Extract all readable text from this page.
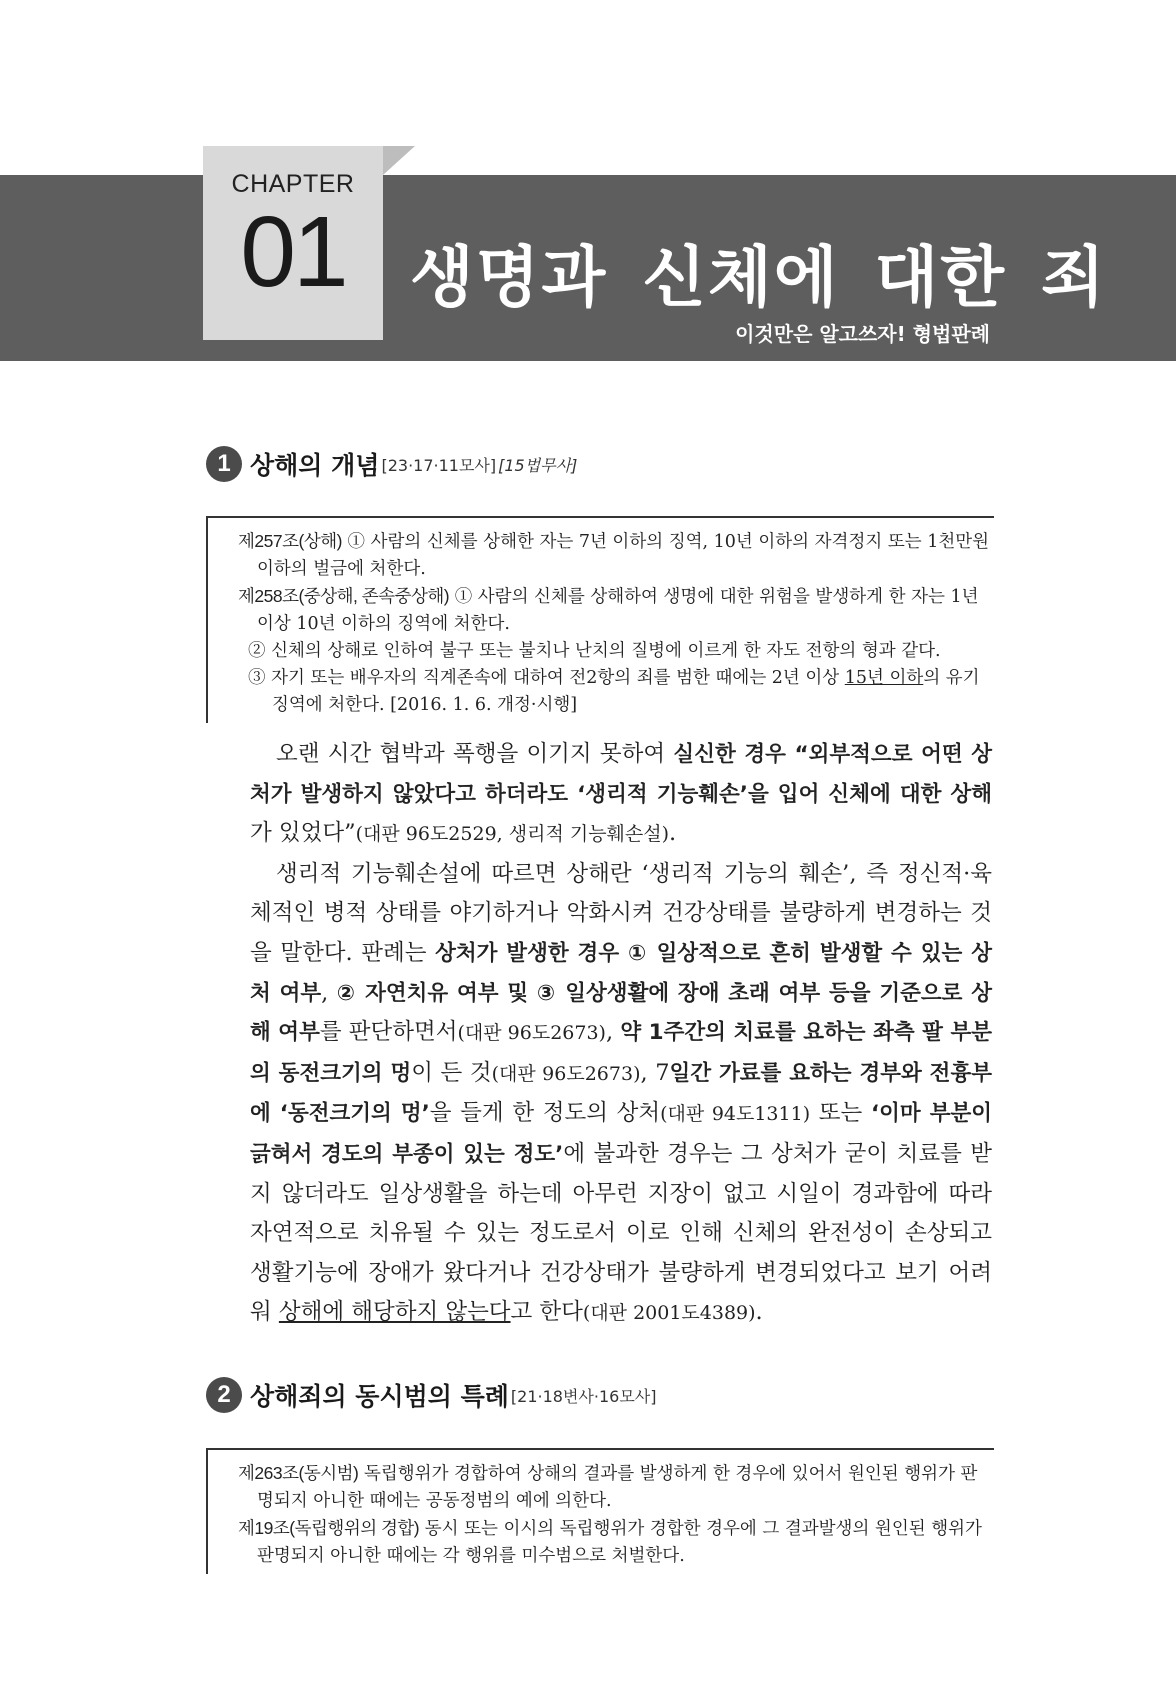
CHAPTER
01 생명과 신체에 대한 죄
이것만은 알고쓰자! 형법판례
1 상해의 개념 [23·17·11모사] [15법무사]

제257조(상해) ① 사람의 신체를 상해한 자는 7년 이하의 징역, 10년 이하의 자격정지 또는 1천만원 이하의 벌금에 처한다.

제258조(중상해, 존속중상해) ① 사람의 신체를 상해하여 생명에 대한 위험을 발생하게 한 자는 1년 이상 10년 이하의 징역에 처한다.

② 신체의 상해로 인하여 불구 또는 불치나 난치의 질병에 이르게 한 자도 전항의 형과 같다.

③ 자기 또는 배우자의 직계존속에 대하여 전2항의 죄를 범한 때에는 2년 이상 15년 이하의 유기징역에 처한다. [2016. 1. 6. 개정·시행]

오랜 시간 협박과 폭행을 이기지 못하여 실신한 경우 “외부적으로 어떤 상처가 발생하지 않았다고 하더라도 ‘생리적 기능훼손’을 입어 신체에 대한 상해가 있었다”(대판 96도2529, 생리적 기능훼손설).

생리적 기능훼손설에 따르면 상해란 ‘생리적 기능의 훼손’, 즉 정신적·육체적인 병적 상태를 야기하거나 악화시켜 건강상태를 불량하게 변경하는 것을 말한다. 판례는 상처가 발생한 경우 ① 일상적으로 흔히 발생할 수 있는 상처 여부, ② 자연치유 여부 및 ③ 일상생활에 장애 초래 여부 등을 기준으로 상해 여부를 판단하면서(대판 96도2673), 약 1주간의 치료를 요하는 좌측 팔 부분의 동전크기의 멍이 든 것(대판 96도2673), 7일간 가료를 요하는 경부와 전흉부에 ‘동전크기의 멍’을 들게 한 정도의 상처(대판 94도1311) 또는 ‘이마 부분이 긁혀서 경도의 부종이 있는 정도’에 불과한 경우는 그 상처가 굳이 치료를 받지 않더라도 일상생활을 하는데 아무런 지장이 없고 시일이 경과함에 따라 자연적으로 치유될 수 있는 정도로서 이로 인해 신체의 완전성이 손상되고 생활기능에 장애가 왔다거나 건강상태가 불량하게 변경되었다고 보기 어려워 상해에 해당하지 않는다고 한다(대판 2001도4389).

2 상해죄의 동시범의 특례 [21·18변사·16모사]

제263조(동시범) 독립행위가 경합하여 상해의 결과를 발생하게 한 경우에 있어서 원인된 행위가 판명되지 아니한 때에는 공동정범의 예에 의한다.

제19조(독립행위의 경합) 동시 또는 이시의 독립행위가 경합한 경우에 그 결과발생의 원인된 행위가 판명되지 아니한 때에는 각 행위를 미수범으로 처벌한다.
